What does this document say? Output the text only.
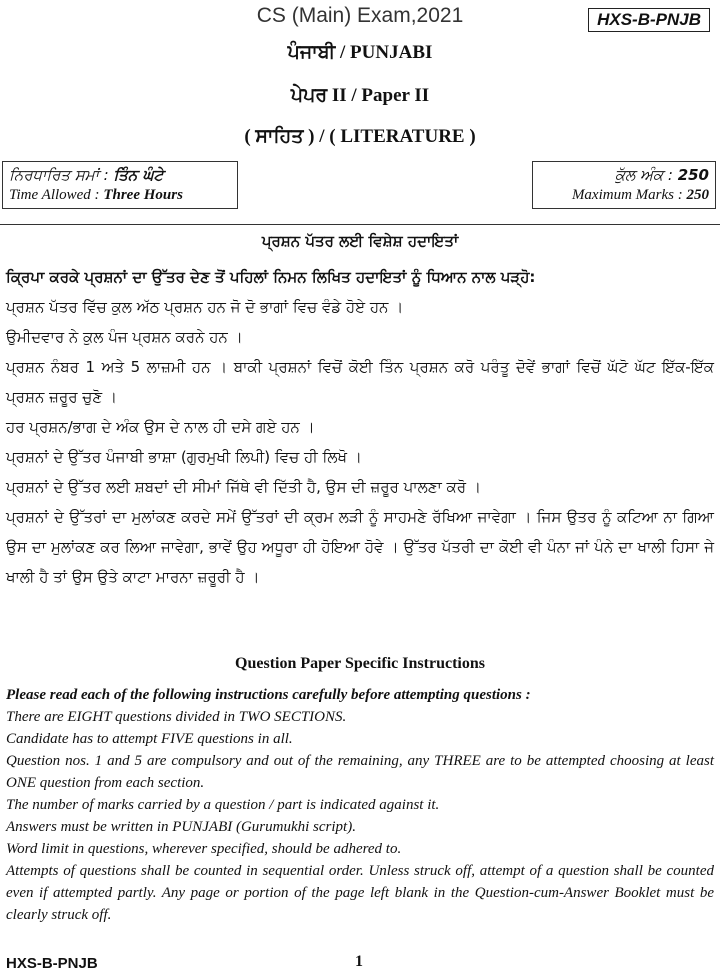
CS (Main) Exam,2021	HXS-B-PNJB
ਪੰਜਾਬੀ / PUNJABI
ਪੇਪਰ II / Paper II
( ਸਾਹਿਤ ) / ( LITERATURE )
ਨਿਰਧਾਰਿਤ ਸਮਾਂ : ਤਿੰਨ ਘੰਟੇ
Time Allowed : Three Hours
ਕੁੱਲ ਅੰਕ : 250
Maximum Marks : 250
ਪ੍ਰਸ਼ਨ ਪੱਤਰ ਲਈ ਵਿਸ਼ੇਸ਼ ਹਦਾਇਤਾਂ

ਕ੍ਰਿਪਾ ਕਰਕੇ ਪ੍ਰਸ਼ਨਾਂ ਦਾ ਉੱਤਰ ਦੇਣ ਤੋਂ ਪਹਿਲਾਂ ਨਿਮਨ ਲਿਖਿਤ ਹਦਾਇਤਾਂ ਨੂੰ ਧਿਆਨ ਨਾਲ ਪੜ੍ਹੋ:

ਪ੍ਰਸ਼ਨ ਪੱਤਰ ਵਿੱਚ ਕੁਲ ਅੱਠ ਪ੍ਰਸ਼ਨ ਹਨ ਜੋ ਦੋ ਭਾਗਾਂ ਵਿਚ ਵੰਡੇ ਹੋਏ ਹਨ ।

ਉਮੀਦਵਾਰ ਨੇ ਕੁਲ ਪੰਜ ਪ੍ਰਸ਼ਨ ਕਰਨੇ ਹਨ ।

ਪ੍ਰਸ਼ਨ ਨੰਬਰ 1 ਅਤੇ 5 ਲਾਜ਼ਮੀ ਹਨ । ਬਾਕੀ ਪ੍ਰਸ਼ਨਾਂ ਵਿਚੋਂ ਕੋਈ ਤਿੰਨ ਪ੍ਰਸ਼ਨ ਕਰੋ ਪਰੰਤੂ ਦੋਵੇਂ ਭਾਗਾਂ ਵਿਚੋਂ ਘੱਟੋ ਘੱਟ ਇੱਕ-ਇੱਕ ਪ੍ਰਸ਼ਨ ਜ਼ਰੂਰ ਚੁਣੋ ।

ਹਰ ਪ੍ਰਸ਼ਨ/ਭਾਗ ਦੇ ਅੰਕ ਉਸ ਦੇ ਨਾਲ ਹੀ ਦਸੇ ਗਏ ਹਨ ।

ਪ੍ਰਸ਼ਨਾਂ ਦੇ ਉੱਤਰ ਪੰਜਾਬੀ ਭਾਸ਼ਾ (ਗੁਰਮੁਖੀ ਲਿਪੀ) ਵਿਚ ਹੀ ਲਿਖੋ ।

ਪ੍ਰਸ਼ਨਾਂ ਦੇ ਉੱਤਰ ਲਈ ਸ਼ਬਦਾਂ ਦੀ ਸੀਮਾਂ ਜਿੱਥੇ ਵੀ ਦਿੱਤੀ ਹੈ, ਉਸ ਦੀ ਜ਼ਰੂਰ ਪਾਲਣਾ ਕਰੋ ।

ਪ੍ਰਸ਼ਨਾਂ ਦੇ ਉੱਤਰਾਂ ਦਾ ਮੁਲਾਂਕਣ ਕਰਦੇ ਸਮੇਂ ਉੱਤਰਾਂ ਦੀ ਕ੍ਰਮ ਲੜੀ ਨੂੰ ਸਾਹਮਣੇ ਰੱਖਿਆ ਜਾਵੇਗਾ । ਜਿਸ ਉਤਰ ਨੂੰ ਕਟਿਆ ਨਾ ਗਿਆ ਉਸ ਦਾ ਮੁਲਾਂਕਣ ਕਰ ਲਿਆ ਜਾਵੇਗਾ, ਭਾਵੇਂ ਉਹ ਅਧੂਰਾ ਹੀ ਹੋਇਆ ਹੋਵੇ । ਉੱਤਰ ਪੱਤਰੀ ਦਾ ਕੋਈ ਵੀ ਪੰਨਾ ਜਾਂ ਪੰਨੇ ਦਾ ਖਾਲੀ ਹਿਸਾ ਜੇ ਖਾਲੀ ਹੈ ਤਾਂ ਉਸ ਉਤੇ ਕਾਟਾ ਮਾਰਨਾ ਜ਼ਰੂਰੀ ਹੈ ।

Question Paper Specific Instructions

Please read each of the following instructions carefully before attempting questions :

There are EIGHT questions divided in TWO SECTIONS.

Candidate has to attempt FIVE questions in all.

Question nos. 1 and 5 are compulsory and out of the remaining, any THREE are to be attempted choosing at least ONE question from each section.

The number of marks carried by a question / part is indicated against it.

Answers must be written in PUNJABI (Gurumukhi script).

Word limit in questions, wherever specified, should be adhered to.

Attempts of questions shall be counted in sequential order. Unless struck off, attempt of a question shall be counted even if attempted partly. Any page or portion of the page left blank in the Question-cum-Answer Booklet must be clearly struck off.

HXS-B-PNJB	1
